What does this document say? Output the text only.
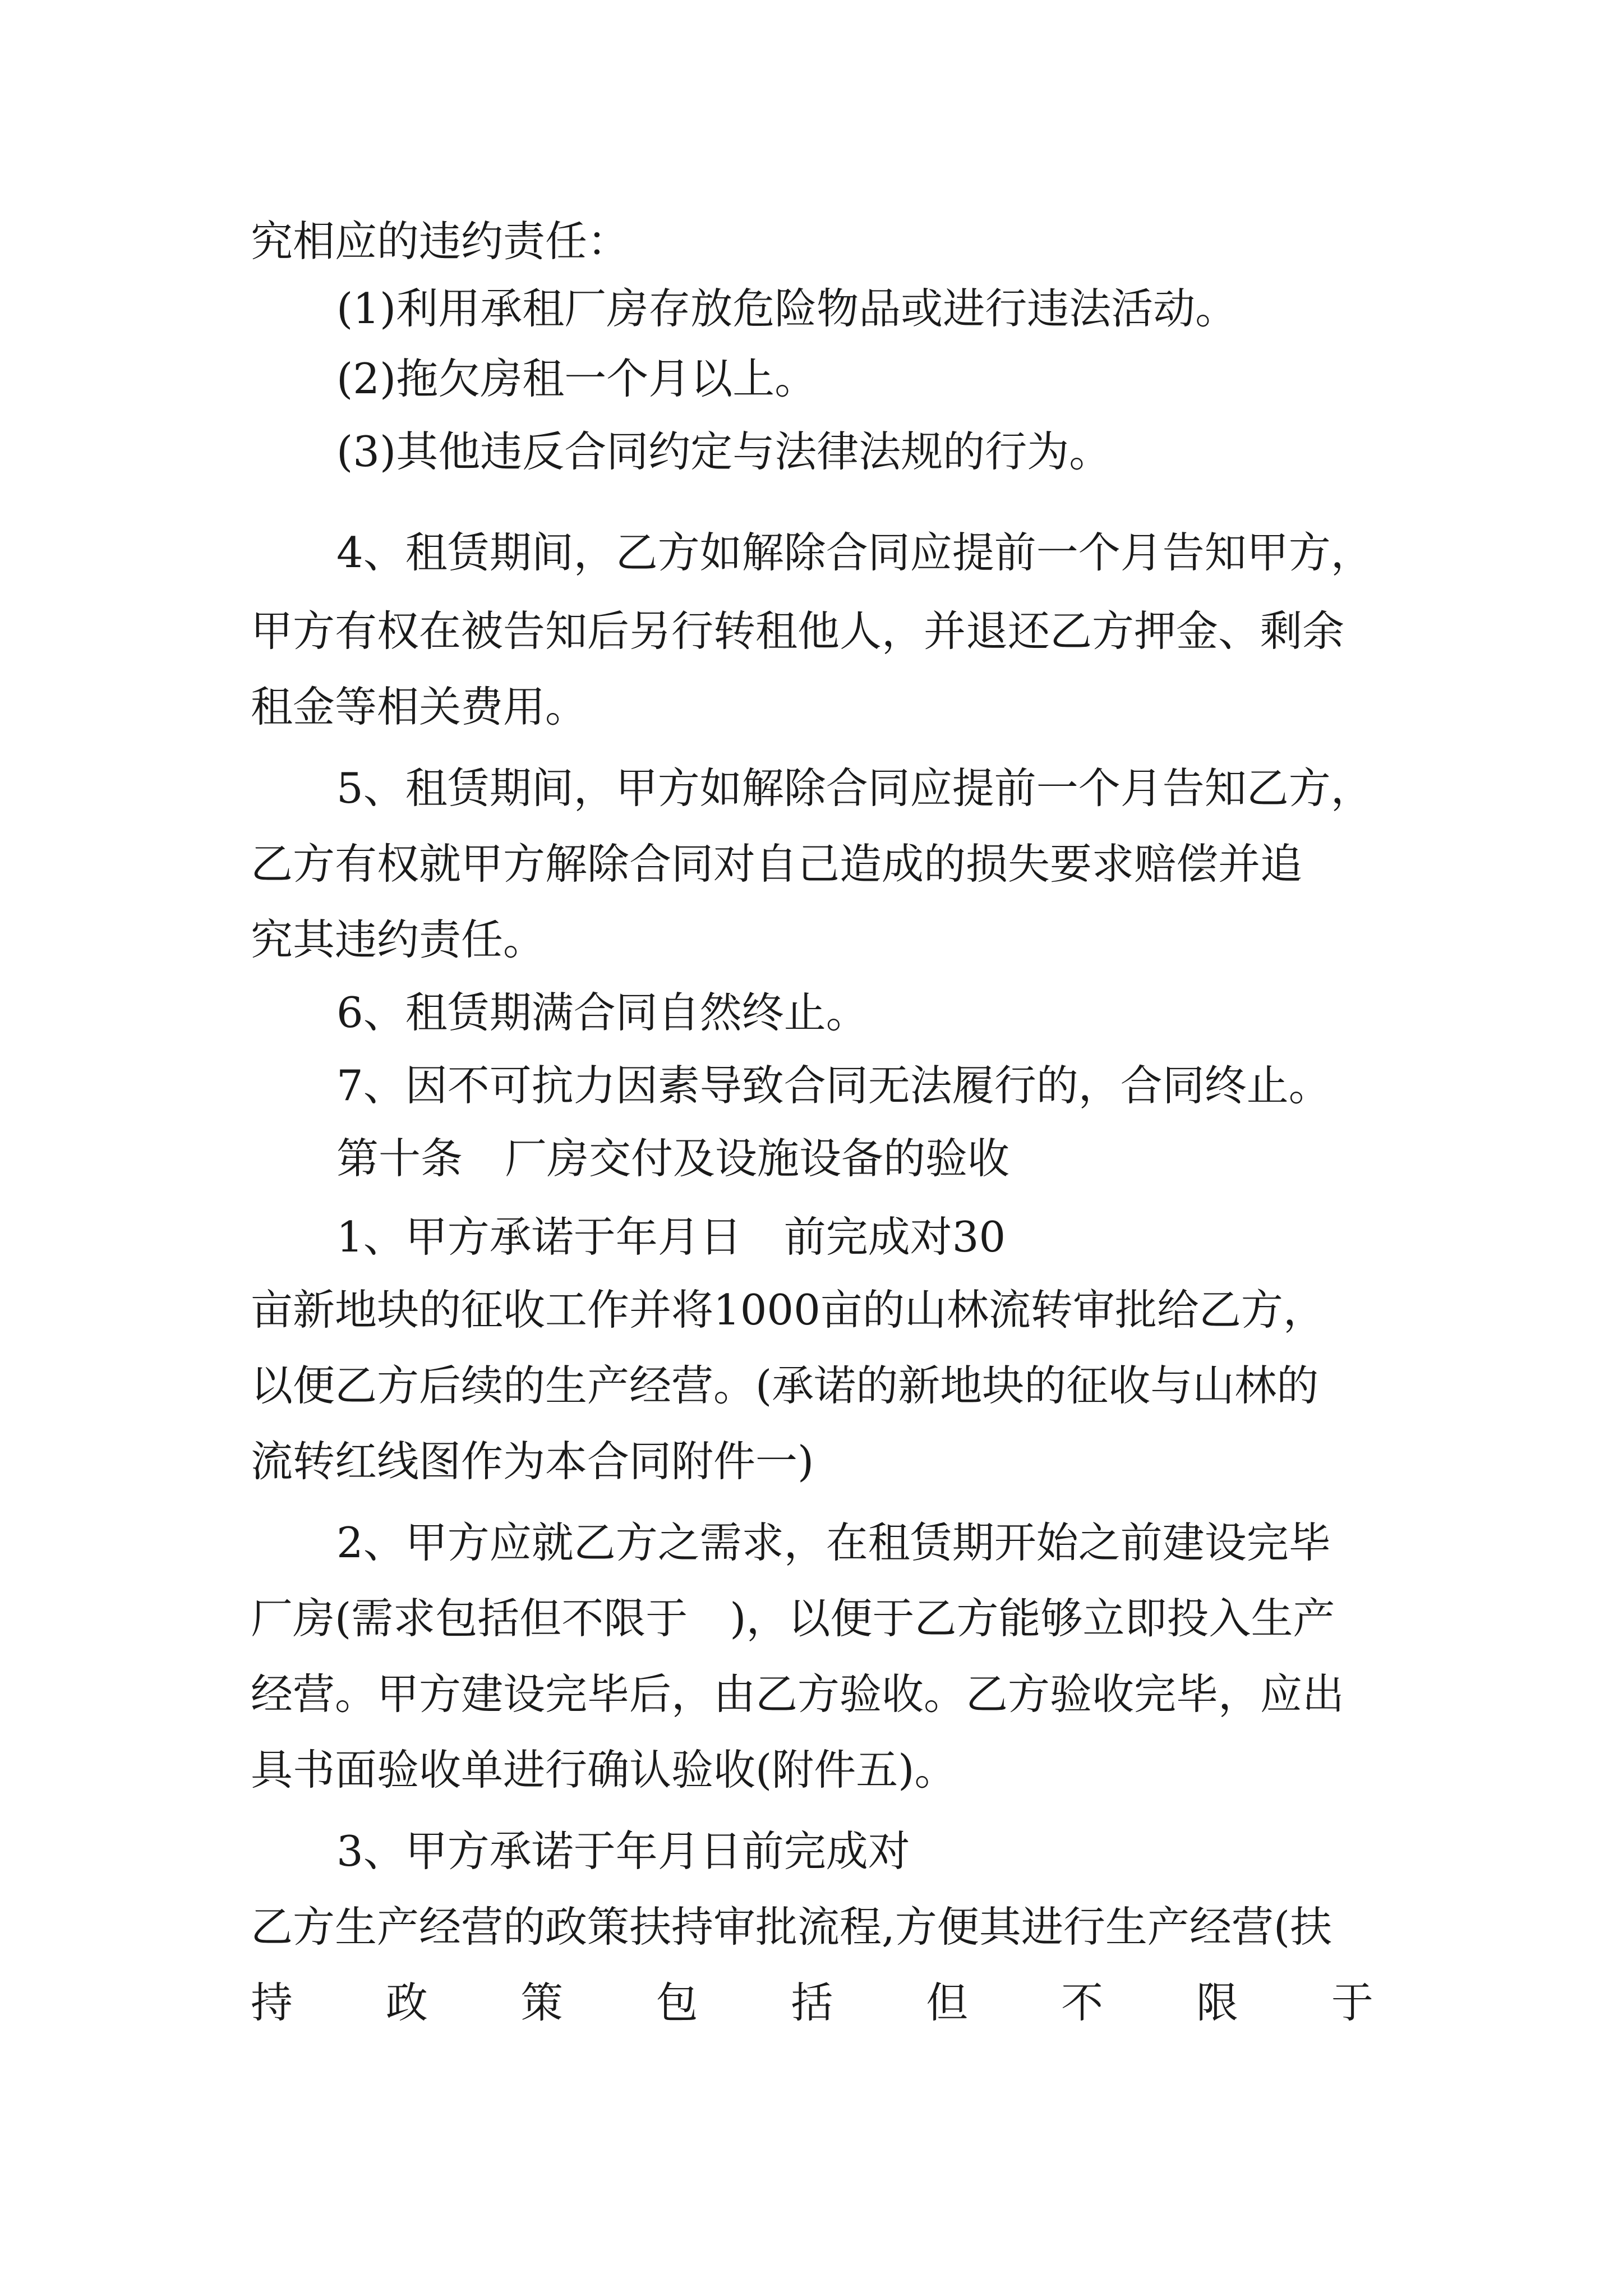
究相应的违约责任：
(1)利用承租厂房存放危险物品或进行违法活动。
(2)拖欠房租一个月以上。
(3)其他违反合同约定与法律法规的行为。
4、租赁期间，乙方如解除合同应提前一个月告知甲方，
甲方有权在被告知后另行转租他人，并退还乙方押金、剩余
租金等相关费用。
5、租赁期间，甲方如解除合同应提前一个月告知乙方，
乙方有权就甲方解除合同对自己造成的损失要求赔偿并追
究其违约责任。
6、租赁期满合同自然终止。
7、因不可抗力因素导致合同无法履行的，合同终止。
第十条　厂房交付及设施设备的验收
1、甲方承诺于年月日　前完成对30
亩新地块的征收工作并将1000亩的山林流转审批给乙方，
以便乙方后续的生产经营。(承诺的新地块的征收与山林的
流转红线图作为本合同附件一)
2、甲方应就乙方之需求，在租赁期开始之前建设完毕
厂房(需求包括但不限于　)，以便于乙方能够立即投入生产
经营。甲方建设完毕后，由乙方验收。乙方验收完毕，应出
具书面验收单进行确认验收(附件五)。
3、甲方承诺于年月日前完成对
乙方生产经营的政策扶持审批流程,方便其进行生产经营(扶
持 政 策 包 括 但 不 限 于
